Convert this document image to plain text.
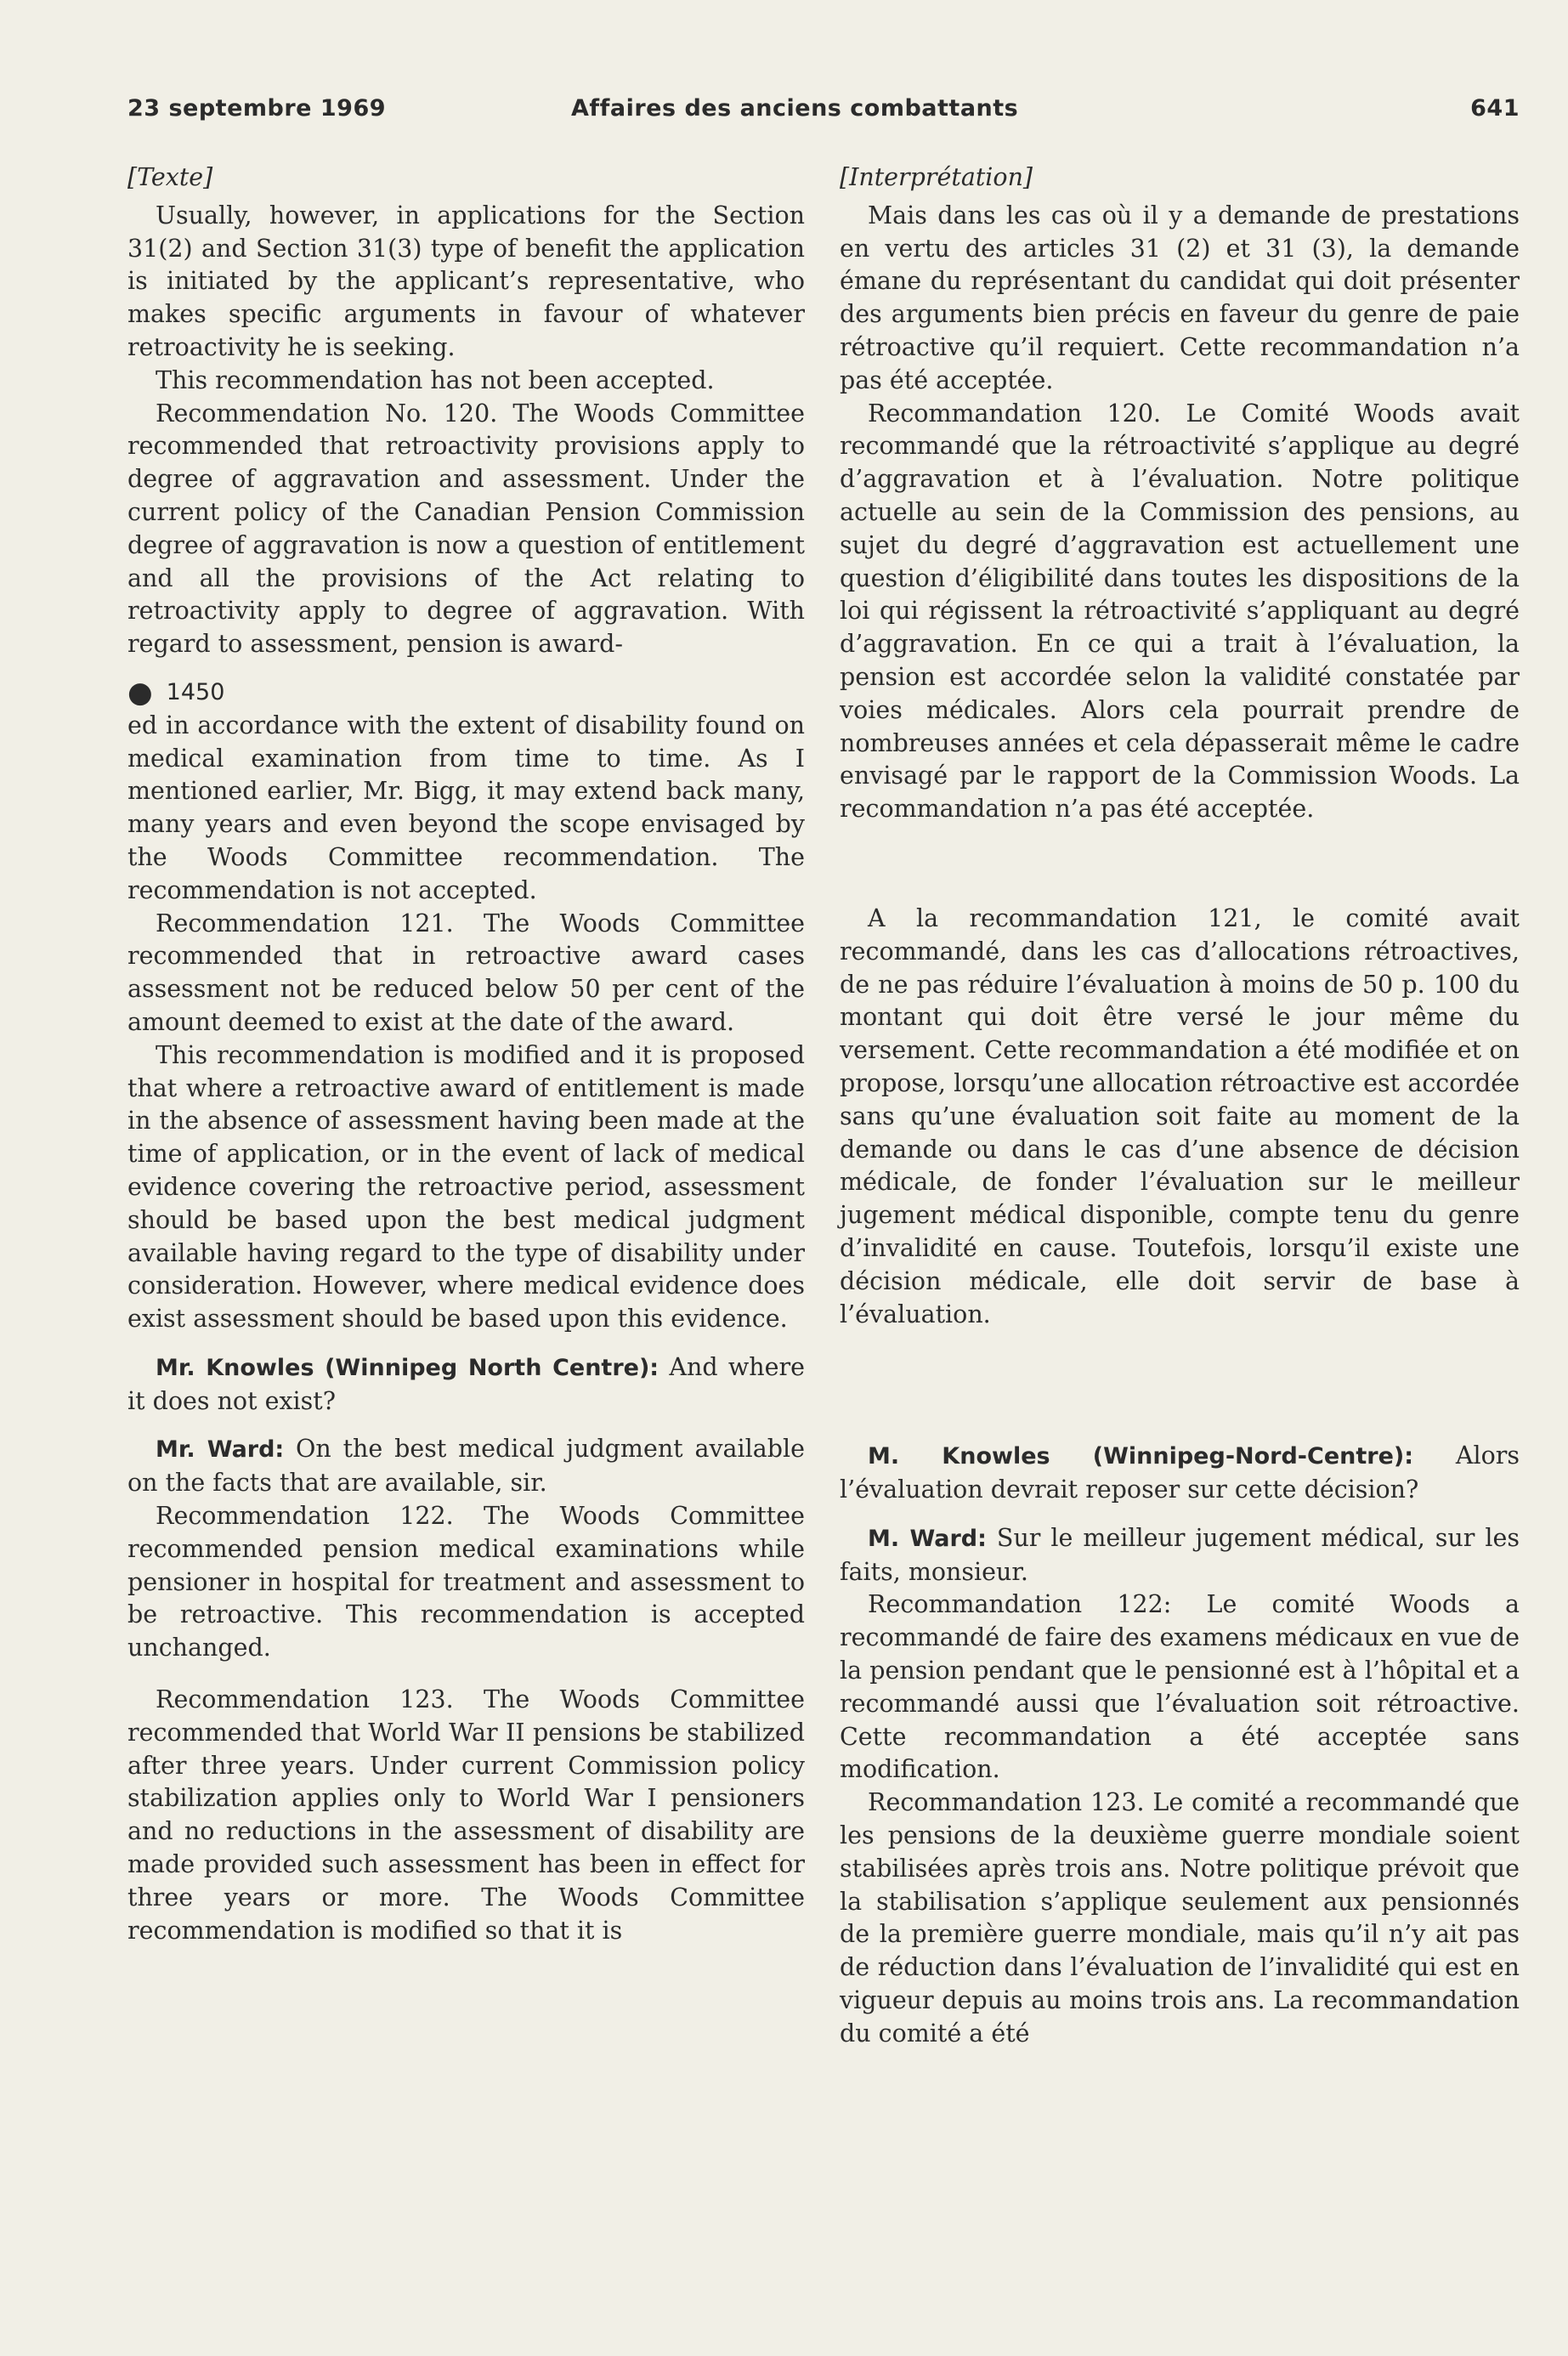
23 septembre 1969	Affaires des anciens combattants	641

[Texte]

Usually, however, in applications for the Section 31(2) and Section 31(3) type of benefit the application is initiated by the applicant’s representative, who makes specific arguments in favour of whatever retroactivity he is seeking.

This recommendation has not been accepted.

Recommendation No. 120. The Woods Committee recommended that retroactivity provisions apply to degree of aggravation and assessment. Under the current policy of the Canadian Pension Commission degree of aggravation is now a question of entitlement and all the provisions of the Act relating to retroactivity apply to degree of aggravation. With regard to assessment, pension is award-

● 1450

ed in accordance with the extent of disability found on medical examination from time to time. As I mentioned earlier, Mr. Bigg, it may extend back many, many years and even beyond the scope envisaged by the Woods Committee recommendation. The recommendation is not accepted.

Recommendation 121. The Woods Committee recommended that in retroactive award cases assessment not be reduced below 50 per cent of the amount deemed to exist at the date of the award.

This recommendation is modified and it is proposed that where a retroactive award of entitlement is made in the absence of assessment having been made at the time of application, or in the event of lack of medical evidence covering the retroactive period, assessment should be based upon the best medical judgment available having regard to the type of disability under consideration. However, where medical evidence does exist assessment should be based upon this evidence.

Mr. Knowles (Winnipeg North Centre): And where it does not exist?

Mr. Ward: On the best medical judgment available on the facts that are available, sir.

Recommendation 122. The Woods Committee recommended pension medical examinations while pensioner in hospital for treatment and assessment to be retroactive. This recommendation is accepted unchanged.

Recommendation 123. The Woods Committee recommended that World War II pensions be stabilized after three years. Under current Commission policy stabilization applies only to World War I pensioners and no reductions in the assessment of disability are made provided such assessment has been in effect for three years or more. The Woods Committee recommendation is modified so that it is

[Interprétation]

Mais dans les cas où il y a demande de prestations en vertu des articles 31 (2) et 31 (3), la demande émane du représentant du candidat qui doit présenter des arguments bien précis en faveur du genre de paie rétroactive qu’il requiert. Cette recommandation n’a pas été acceptée.

Recommandation 120. Le Comité Woods avait recommandé que la rétroactivité s’applique au degré d’aggravation et à l’évaluation. Notre politique actuelle au sein de la Commission des pensions, au sujet du degré d’aggravation est actuellement une question d’éligibilité dans toutes les dispositions de la loi qui régissent la rétroactivité s’appliquant au degré d’aggravation. En ce qui a trait à l’évaluation, la pension est accordée selon la validité constatée par voies médicales. Alors cela pourrait prendre de nombreuses années et cela dépasserait même le cadre envisagé par le rapport de la Commission Woods. La recommandation n’a pas été acceptée.

A la recommandation 121, le comité avait recommandé, dans les cas d’allocations rétroactives, de ne pas réduire l’évaluation à moins de 50 p. 100 du montant qui doit être versé le jour même du versement. Cette recommandation a été modifiée et on propose, lorsqu’une allocation rétroactive est accordée sans qu’une évaluation soit faite au moment de la demande ou dans le cas d’une absence de décision médicale, de fonder l’évaluation sur le meilleur jugement médical disponible, compte tenu du genre d’invalidité en cause. Toutefois, lorsqu’il existe une décision médicale, elle doit servir de base à l’évaluation.

M. Knowles (Winnipeg-Nord-Centre): Alors l’évaluation devrait reposer sur cette décision?

M. Ward: Sur le meilleur jugement médical, sur les faits, monsieur.

Recommandation 122: Le comité Woods a recommandé de faire des examens médicaux en vue de la pension pendant que le pensionné est à l’hôpital et a recommandé aussi que l’évaluation soit rétroactive. Cette recommandation a été acceptée sans modification.

Recommandation 123. Le comité a recommandé que les pensions de la deuxième guerre mondiale soient stabilisées après trois ans. Notre politique prévoit que la stabilisation s’applique seulement aux pensionnés de la première guerre mondiale, mais qu’il n’y ait pas de réduction dans l’évaluation de l’invalidité qui est en vigueur depuis au moins trois ans. La recommandation du comité a été
